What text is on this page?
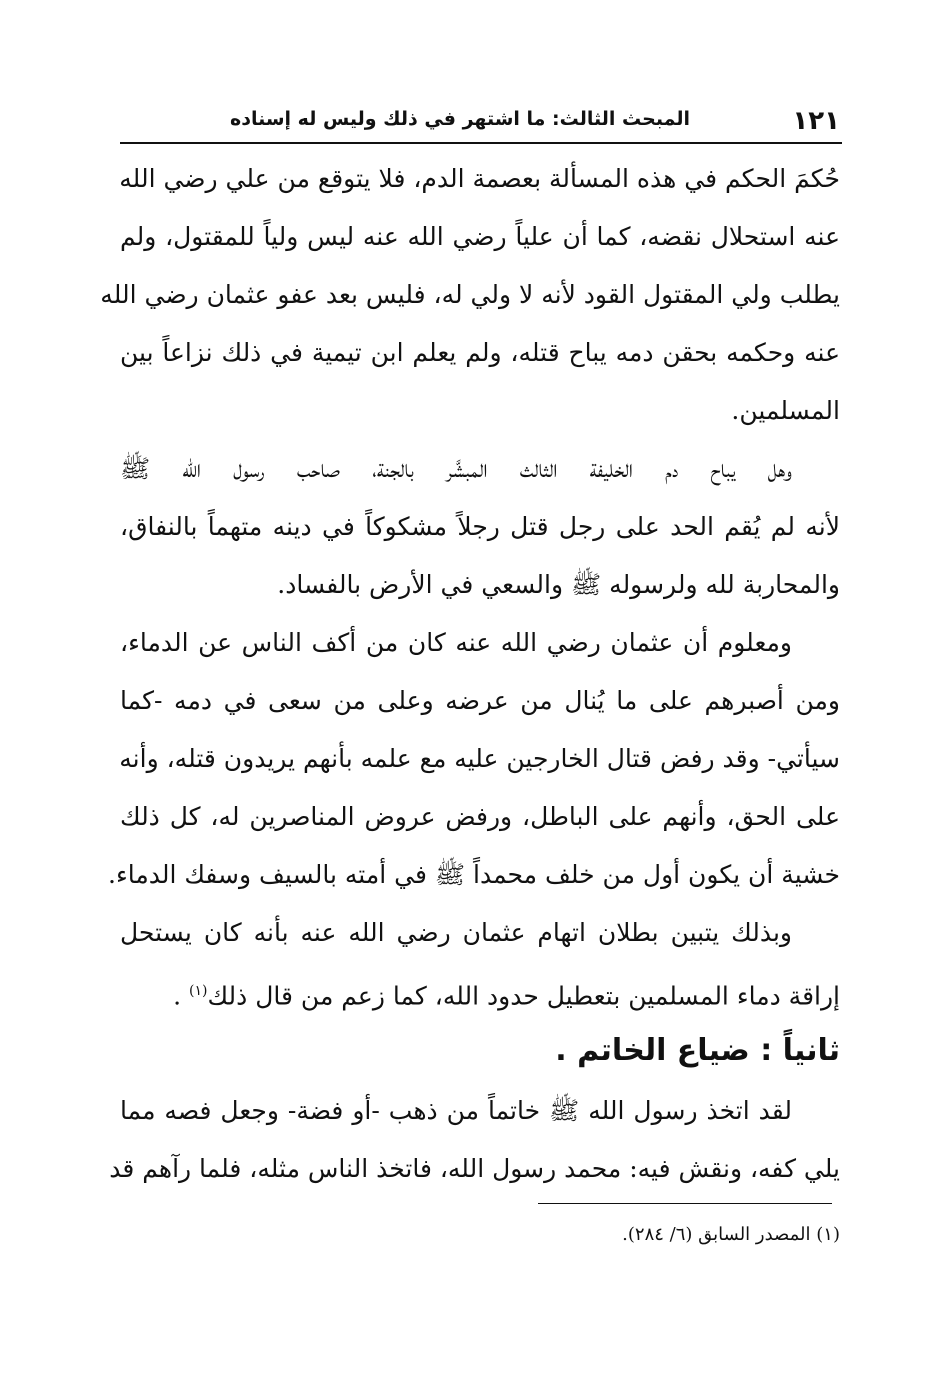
١٢١
المبحث الثالث: ما اشتهر في ذلك وليس له إسناده
حُكمَ الحكم في هذه المسألة بعصمة الدم، فلا يتوقع من علي رضي الله
عنه استحلال نقضه، كما أن علياً رضي الله عنه ليس ولياً للمقتول، ولم
يطلب ولي المقتول القود لأنه لا ولي له، فليس بعد عفو عثمان رضي الله
عنه وحكمه بحقن دمه يباح قتله، ولم يعلم ابن تيمية في ذلك نزاعاً بين
المسلمين.
وهل يباح دم الخليفة الثالث المبشَّر بالجنة، صاحب رسول الله ﷺ
لأنه لم يُقم الحد على رجل قتل رجلاً مشكوكاً في دينه متهماً بالنفاق،
والمحاربة لله ولرسوله ﷺ والسعي في الأرض بالفساد.
ومعلوم أن عثمان رضي الله عنه كان من أكف الناس عن الدماء،
ومن أصبرهم على ما يُنال من عرضه وعلى من سعى في دمه -كما
سيأتي- وقد رفض قتال الخارجين عليه مع علمه بأنهم يريدون قتله، وأنه
على الحق، وأنهم على الباطل، ورفض عروض المناصرين له، كل ذلك
خشية أن يكون أول من خلف محمداً ﷺ في أمته بالسيف وسفك الدماء.
وبذلك يتبين بطلان اتهام عثمان رضي الله عنه بأنه كان يستحل
إراقة دماء المسلمين بتعطيل حدود الله، كما زعم من قال ذلك$^{(١)}$ .
ثانياً : ضياع الخاتم .
لقد اتخذ رسول الله ﷺ خاتماً من ذهب -أو فضة- وجعل فصه مما
يلي كفه، ونقش فيه: محمد رسول الله، فاتخذ الناس مثله، فلما رآهم قد
(١) المصدر السابق (٦/ ٢٨٤).
